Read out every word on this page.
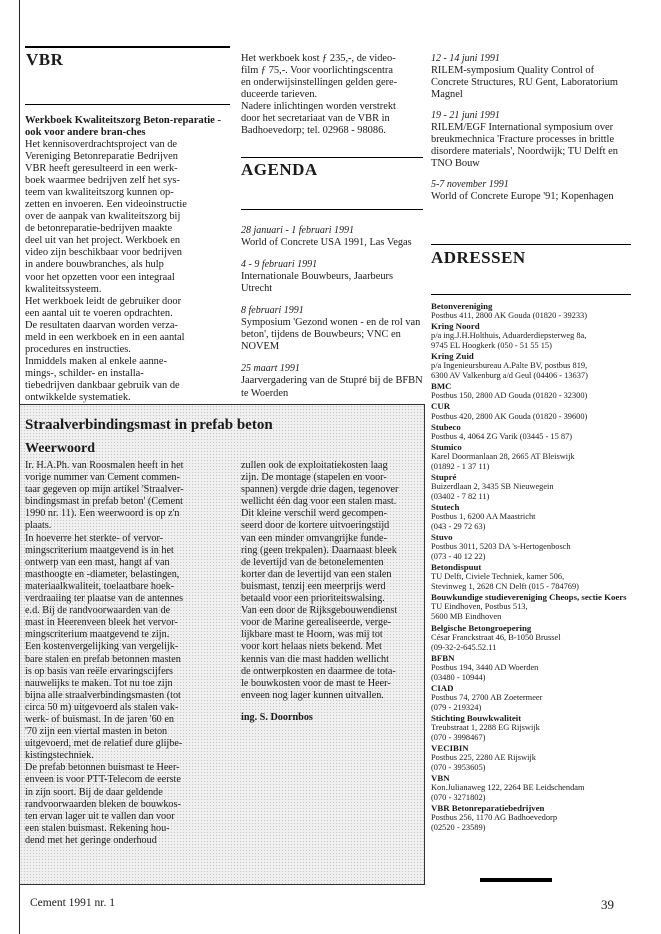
VBR
AGENDA
ADRESSEN

Werkboek Kwaliteitszorg Beton-reparatie - ook voor andere bran-ches

Het kennisoverdrachtsproject van de

Vereniging Betonreparatie Bedrijven

VBR heeft geresulteerd in een werk-

boek waarmee bedrijven zelf het sys-

teem van kwaliteitszorg kunnen op-

zetten en invoeren. Een videoinstructie

over de aanpak van kwaliteitszorg bij

de betonreparatie-bedrijven maakte

deel uit van het project. Werkboek en

video zijn beschikbaar voor bedrijven

in andere bouwbranches, als hulp

voor het opzetten voor een integraal

kwaliteitssysteem.

Het werkboek leidt de gebruiker door

een aantal uit te voeren opdrachten.

De resultaten daarvan worden verza-

meld in een werkboek en in een aantal

procedures en instructies.

Inmiddels maken al enkele aanne-

mings-, schilder- en installa-

tiebedrijven dankbaar gebruik van de

ontwikkelde systematiek.

Het werkboek kost ƒ 235,-, de video-

film ƒ 75,-. Voor voorlichtingscentra

en onderwijsinstellingen gelden gere-

duceerde tarieven.

Nadere inlichtingen worden verstrekt

door het secretariaat van de VBR in

Badhoevedorp; tel. 02968 - 98086.

28 januari - 1 februari 1991

World of Concrete USA 1991, Las Vegas

4 - 9 februari 1991

Internationale Bouwbeurs, Jaarbeurs Utrecht

8 februari 1991

Symposium 'Gezond wonen - en de rol van beton', tijdens de Bouwbeurs; VNC en NOVEM

25 maart 1991

Jaarvergadering van de Stupré bij de BFBN te Woerden

12 - 14 juni 1991

RILEM-symposium Quality Control of Concrete Structures, RU Gent, Laboratorium Magnel

19 - 21 juni 1991

RILEM/EGF International symposium over breukmechnica 'Fracture processes in brittle disordere materials', Noordwijk; TU Delft en TNO Bouw

5-7 november 1991

World of Concrete Europe '91; Kopenhagen

Betonvereniging
Postbus 411, 2800 AK Gouda (01820 - 39233)
Kring Noord
p/a ing.J.H.Holthuis, Aduarderdiepsterweg 8a,
9745 EL Hoogkerk (050 - 51 55 15)
Kring Zuid
p/a Ingenieursbureau A.Palte BV, postbus 819,
6300 AV Valkenburg a/d Geul (04406 - 13637)
BMC
Postbus 150, 2800 AD Gouda (01820 - 32300)
CUR
Postbus 420, 2800 AK Gouda (01820 - 39600)
Stubeco
Postbus 4, 4064 ZG Varik (03445 - 15 87)
Stumico
Karel Doormanlaan 28, 2665 AT Bleiswijk
(01892 - 1 37 11)
Stupré
Buizerdlaan 2, 3435 SB Nieuwegein
(03402 - 7 82 11)
Stutech
Postbus 1, 6200 AA Maastricht
(043 - 29 72 63)
Stuvo
Postbus 3011, 5203 DA 's-Hertogenbosch
(073 - 40 12 22)
Betondispuut
TU Delft, Civiele Techniek, kamer 506,
Stevinweg 1, 2628 CN Delft (015 - 784769)
Bouwkundige studievereniging Cheops, sectie Koers
TU Eindhoven, Postbus 513,
5600 MB Eindhoven
Belgische Betongroepering
César Franckstraat 46, B-1050 Brussel
(09-32-2-645.52.11
BFBN
Postbus 194, 3440 AD Woerden
(03480 - 10944)
CIAD
Postbus 74, 2700 AB Zoetermeer
(079 - 219324)
Stichting Bouwkwaliteit
Treubstraat 1, 2288 EG Rijswijk
(070 - 3998467)
VECIBIN
Postbus 225, 2280 AE Rijswijk
(070 - 3953605)
VBN
Kon.Julianaweg 122, 2264 BE Leidschendam
(070 - 3271802)
VBR Betonreparatiebedrijven
Postbus 256, 1170 AG Badhoevedorp
(02520 - 23589)
Straalverbindingsmast in prefab beton
Weerwoord

Ir. H.A.Ph. van Roosmalen heeft in het

vorige nummer van Cement commen-

taar gegeven op mijn artikel 'Straalver-

bindingsmast in prefab beton' (Cement

1990 nr. 11). Een weerwoord is op z'n

plaats.

In hoeverre het sterkte- of vervor-

mingscriterium maatgevend is in het

ontwerp van een mast, hangt af van

masthoogte en -diameter, belastingen,

materiaalkwaliteit, toelaatbare hoek-

verdraaiing ter plaatse van de antennes

e.d. Bij de randvoorwaarden van de

mast in Heerenveen bleek het vervor-

mingscriterium maatgevend te zijn.

Een kostenvergelijking van vergelijk-

bare stalen en prefab betonnen masten

is op basis van reële ervaringscijfers

nauwelijks te maken. Tot nu toe zijn

bijna alle straalverbindingsmasten (tot

circa 50 m) uitgevoerd als stalen vak-

werk- of buismast. In de jaren '60 en

'70 zijn een viertal masten in beton

uitgevoerd, met de relatief dure glijbe-

kistingstechniek.

De prefab betonnen buismast te Heer-

enveen is voor PTT-Telecom de eerste

in zijn soort. Bij de daar geldende

randvoorwaarden bleken de bouwkos-

ten ervan lager uit te vallen dan voor

een stalen buismast. Rekening hou-

dend met het geringe onderhoud

zullen ook de exploitatiekosten laag

zijn. De montage (stapelen en voor-

spannen) vergde drie dagen, tegenover

wellicht één dag voor een stalen mast.

Dit kleine verschil werd gecompen-

seerd door de kortere uitvoeringstijd

van een minder omvangrijke funde-

ring (geen trekpalen). Daarnaast bleek

de levertijd van de betonelementen

korter dan de levertijd van een stalen

buismast, tenzij een meerprijs werd

betaald voor een prioriteitswalsing.

Van een door de Rijksgebouwendienst

voor de Marine gerealiseerde, verge-

lijkbare mast te Hoorn, was mij tot

voor kort helaas niets bekend. Met

kennis van die mast hadden wellicht

de ontwerpkosten en daarmee de tota-

le bouwkosten voor de mast te Heer-

enveen nog lager kunnen uitvallen.

ing. S. Doornbos

Cement 1991 nr. 1	39
